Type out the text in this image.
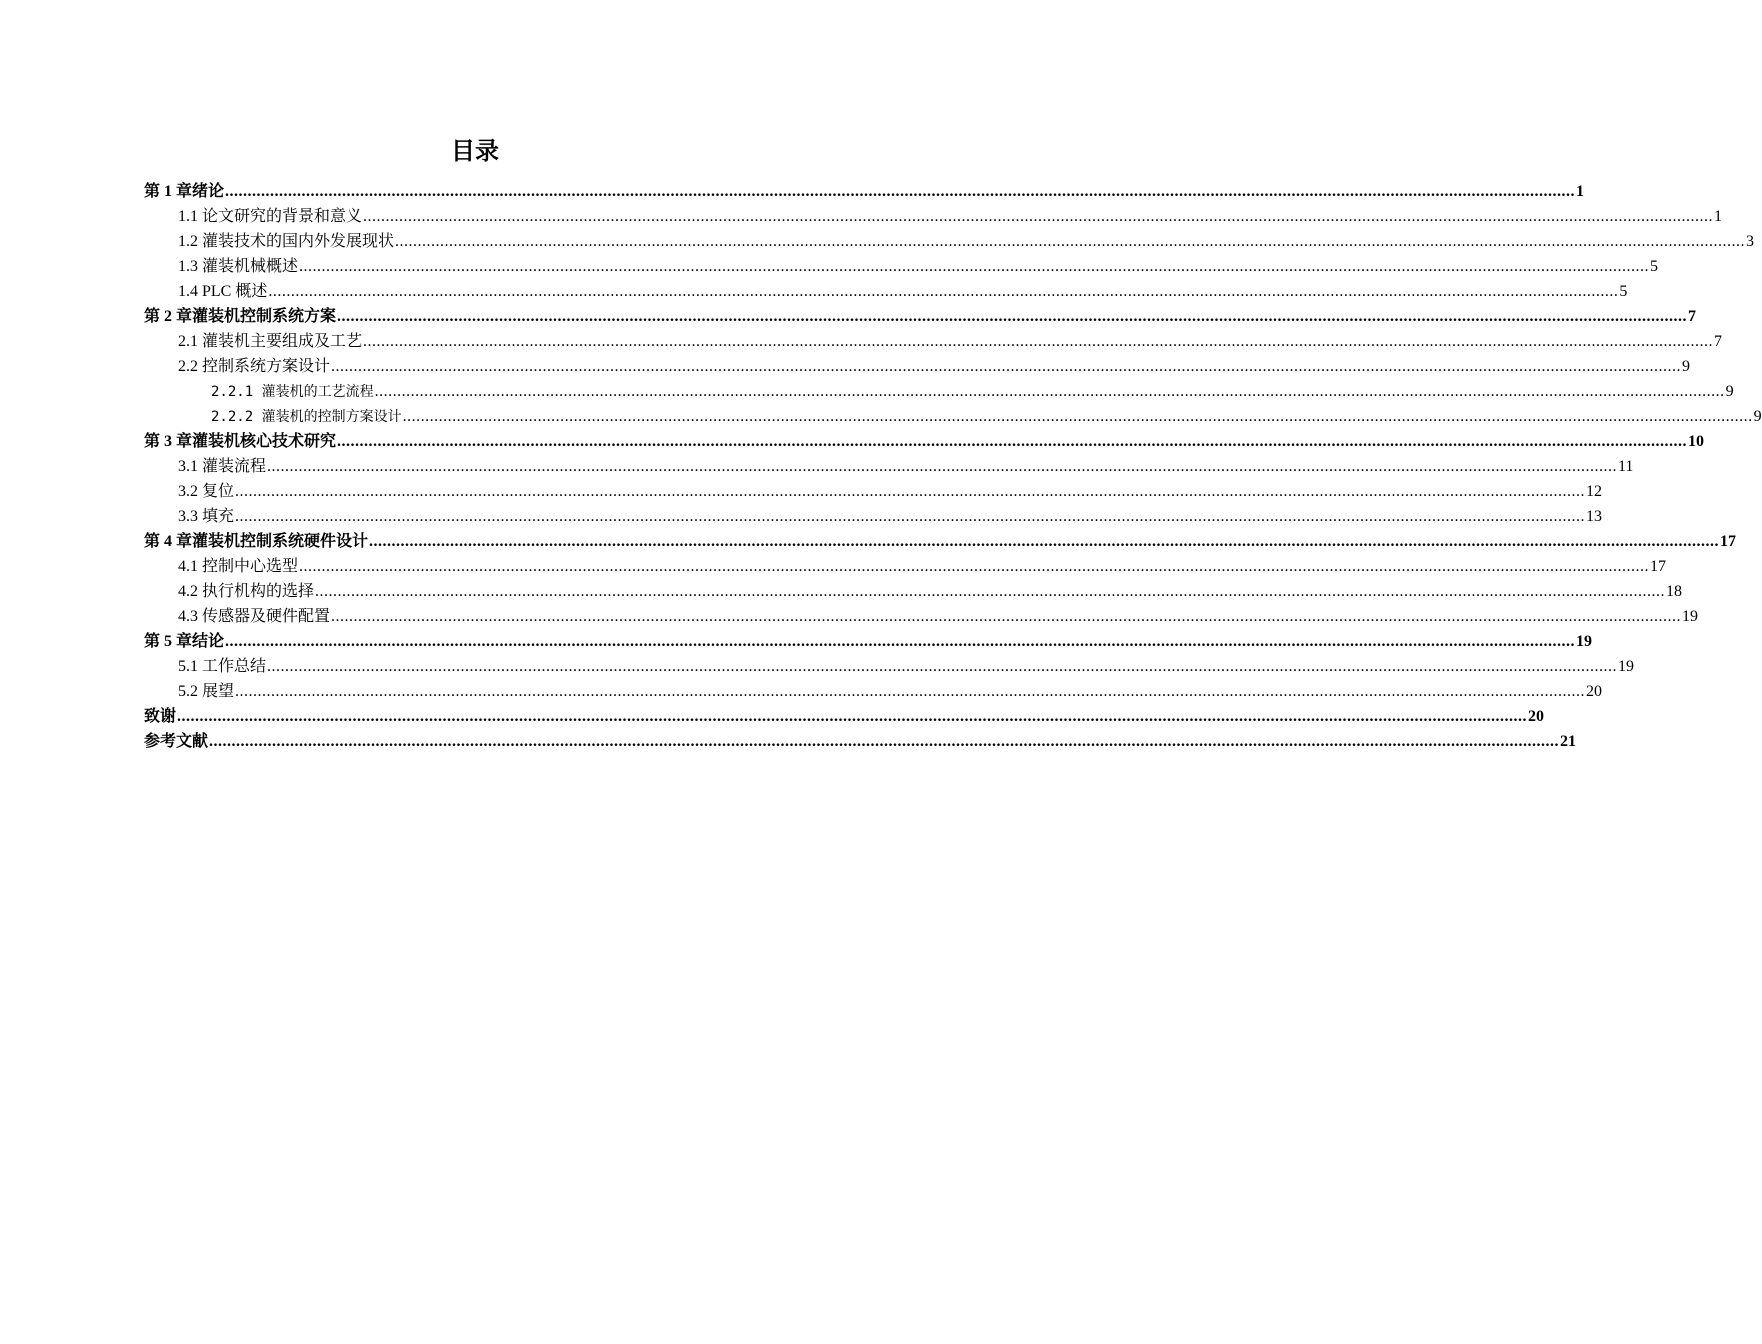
目录
第 1 章绪论 ............................................................................................................................................................................................................................................................................................................ 1
1.1 论文研究的背景和意义 ............................................................................................................................................................................................................................................................................................................ 1
1.2 灌装技术的国内外发展现状 ............................................................................................................................................................................................................................................................................................................ 3
1.3 灌装机械概述 ............................................................................................................................................................................................................................................................................................................ 5
1.4 PLC 概述 ............................................................................................................................................................................................................................................................................................................ 5
第 2 章灌装机控制系统方案 ............................................................................................................................................................................................................................................................................................................ 7
2.1 灌装机主要组成及工艺 ............................................................................................................................................................................................................................................................................................................ 7
2.2 控制系统方案设计 ............................................................................................................................................................................................................................................................................................................ 9
2.2.1 灌装机的工艺流程 ............................................................................................................................................................................................................................................................................................................ 9
2.2.2 灌装机的控制方案设计 ............................................................................................................................................................................................................................................................................................................ 9
第 3 章灌装机核心技术研究 ............................................................................................................................................................................................................................................................................................................ 10
3.1 灌装流程 ............................................................................................................................................................................................................................................................................................................ 11
3.2 复位 ............................................................................................................................................................................................................................................................................................................ 12
3.3 填充 ............................................................................................................................................................................................................................................................................................................ 13
第 4 章灌装机控制系统硬件设计 ............................................................................................................................................................................................................................................................................................................ 17
4.1 控制中心选型 ............................................................................................................................................................................................................................................................................................................ 17
4.2 执行机构的选择 ............................................................................................................................................................................................................................................................................................................ 18
4.3 传感器及硬件配置 ............................................................................................................................................................................................................................................................................................................ 19
第 5 章结论 ............................................................................................................................................................................................................................................................................................................ 19
5.1 工作总结 ............................................................................................................................................................................................................................................................................................................ 19
5.2 展望 ............................................................................................................................................................................................................................................................................................................ 20
致谢 ............................................................................................................................................................................................................................................................................................................ 20
参考文献 ............................................................................................................................................................................................................................................................................................................ 21
